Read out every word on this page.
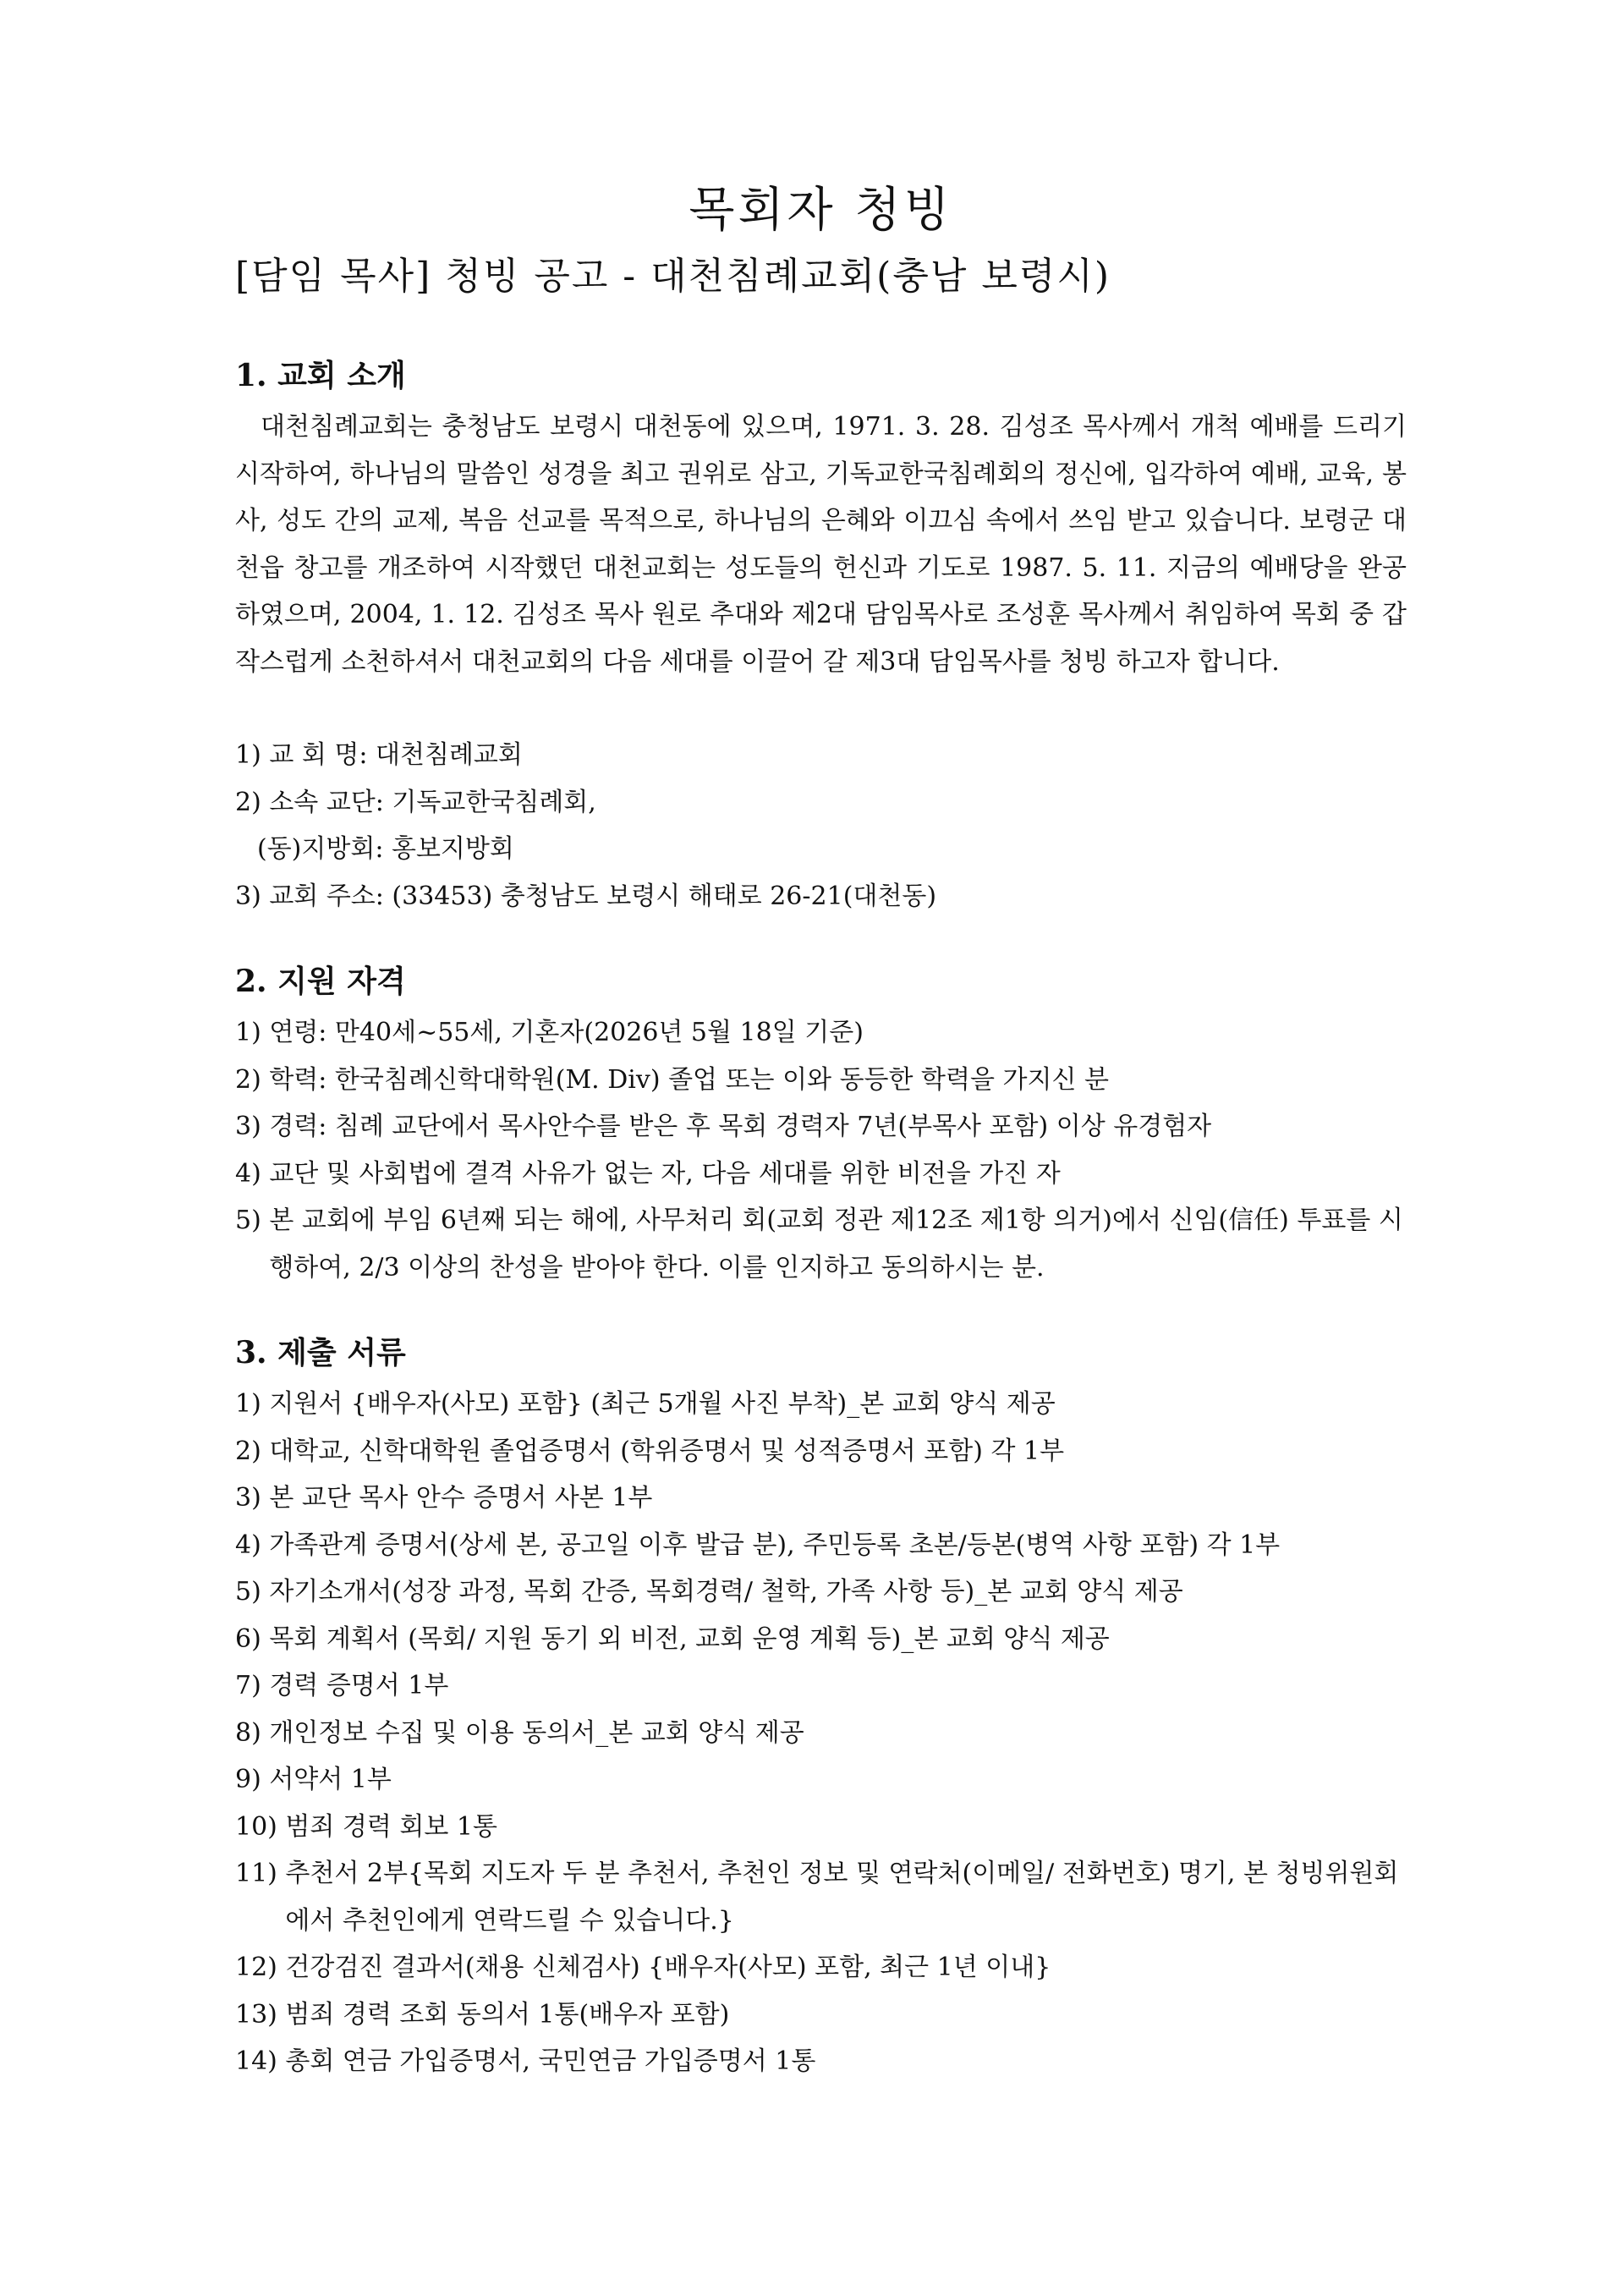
목회자 청빙
[담임 목사] 청빙 공고 - 대천침례교회(충남 보령시)
1. 교회 소개

대천침례교회는 충청남도 보령시 대천동에 있으며, 1971. 3. 28. 김성조 목사께서 개척 예배를 드리기 시작하여, 하나님의 말씀인 성경을 최고 권위로 삼고, 기독교한국침례회의 정신에, 입각하여 예배, 교육, 봉사, 성도 간의 교제, 복음 선교를 목적으로, 하나님의 은혜와 이끄심 속에서 쓰임 받고 있습니다. 보령군 대천읍 창고를 개조하여 시작했던 대천교회는 성도들의 헌신과 기도로 1987. 5. 11. 지금의 예배당을 완공하였으며, 2004, 1. 12. 김성조 목사 원로 추대와 제2대 담임목사로 조성훈 목사께서 취임하여 목회 중 갑작스럽게 소천하셔서 대천교회의 다음 세대를 이끌어 갈 제3대 담임목사를 청빙 하고자 합니다.

1) 교 회 명: 대천침례교회
2) 소속 교단: 기독교한국침례회,
(동)지방회: 홍보지방회
3) 교회 주소: (33453) 충청남도 보령시 해태로 26-21(대천동)
2. 지원 자격
1) 연령: 만40세~55세, 기혼자(2026년 5월 18일 기준)
2) 학력: 한국침례신학대학원(M. Div) 졸업 또는 이와 동등한 학력을 가지신 분
3) 경력: 침례 교단에서 목사안수를 받은 후 목회 경력자 7년(부목사 포함) 이상 유경험자
4) 교단 및 사회법에 결격 사유가 없는 자, 다음 세대를 위한 비전을 가진 자
5) 본 교회에 부임 6년째 되는 해에, 사무처리 회(교회 정관 제12조 제1항 의거)에서 신임(信任) 투표를 시행하여, 2/3 이상의 찬성을 받아야 한다. 이를 인지하고 동의하시는 분.
3. 제출 서류
1) 지원서 {배우자(사모) 포함} (최근 5개월 사진 부착)_본 교회 양식 제공
2) 대학교, 신학대학원 졸업증명서 (학위증명서 및 성적증명서 포함) 각 1부
3) 본 교단 목사 안수 증명서 사본 1부
4) 가족관계 증명서(상세 본, 공고일 이후 발급 분), 주민등록 초본/등본(병역 사항 포함) 각 1부
5) 자기소개서(성장 과정, 목회 간증, 목회경력/ 철학, 가족 사항 등)_본 교회 양식 제공
6) 목회 계획서 (목회/ 지원 동기 외 비전, 교회 운영 계획 등)_본 교회 양식 제공
7) 경력 증명서 1부
8) 개인정보 수집 및 이용 동의서_본 교회 양식 제공
9) 서약서 1부
10) 범죄 경력 회보 1통
11) 추천서 2부{목회 지도자 두 분 추천서, 추천인 정보 및 연락처(이메일/ 전화번호) 명기, 본 청빙위원회에서 추천인에게 연락드릴 수 있습니다.}
12) 건강검진 결과서(채용 신체검사) {배우자(사모) 포함, 최근 1년 이내}
13) 범죄 경력 조회 동의서 1통(배우자 포함)
14) 총회 연금 가입증명서, 국민연금 가입증명서 1통
